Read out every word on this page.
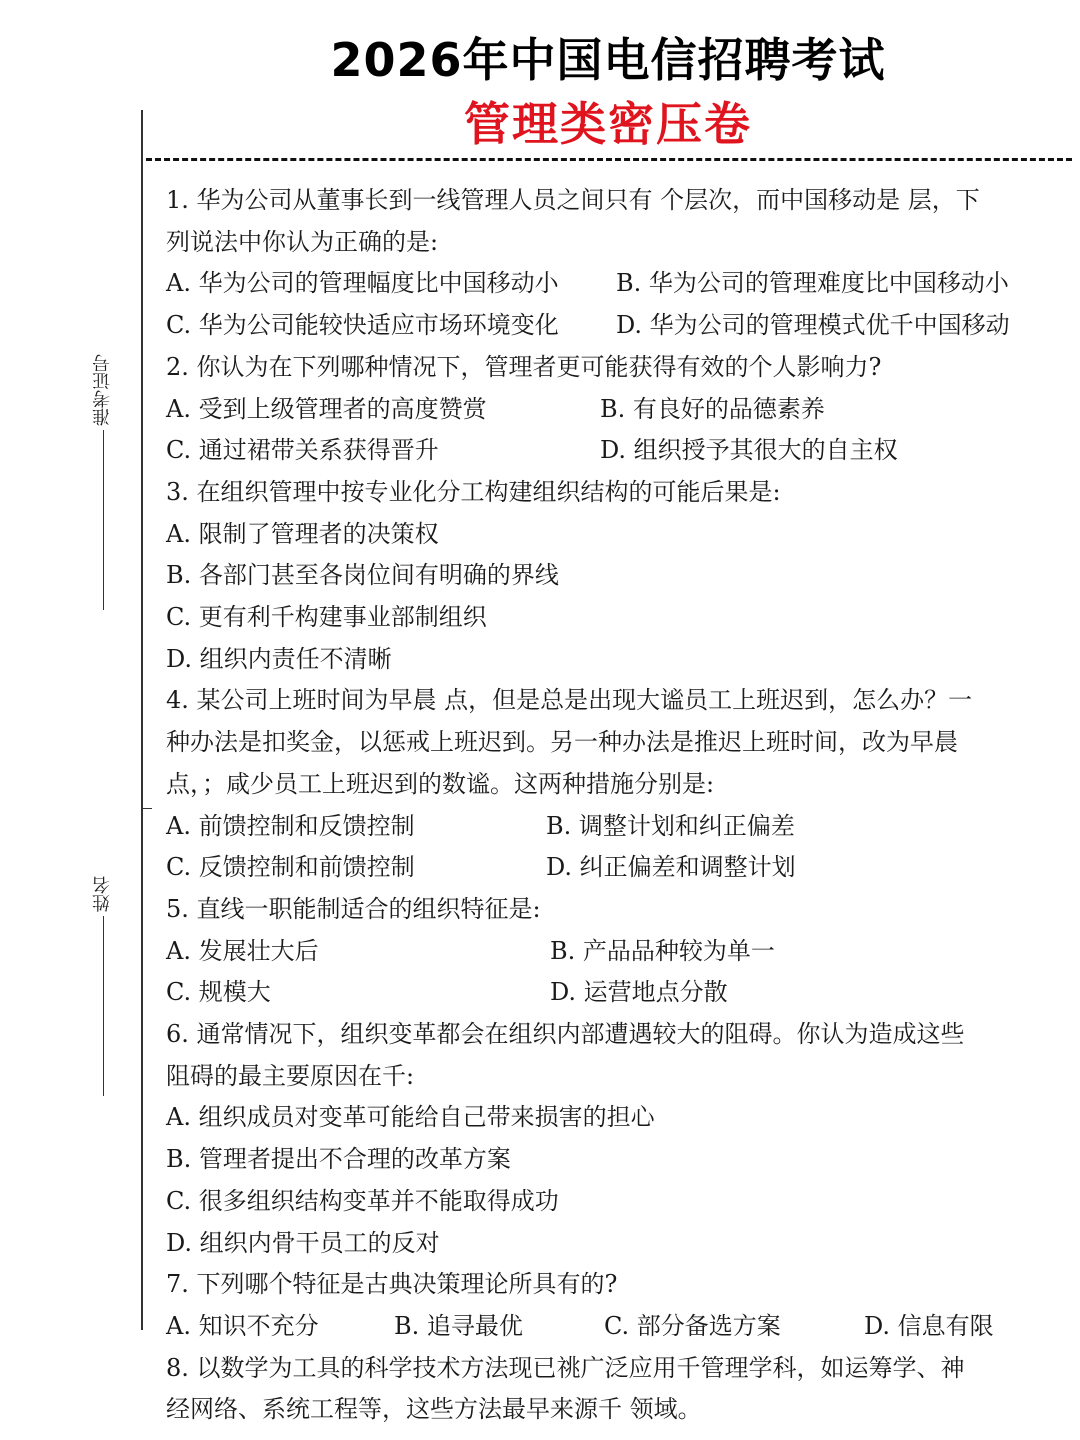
2026年中国电信招聘考试
管理类密压卷
准考证号
姓名
1. 华为公司从董事长到一线管理人员之间只有 个层次，而中国移动是 层，下
列说法中你认为正确的是:
A. 华为公司的管理幅度比中国移动小	B. 华为公司的管理难度比中国移动小
C. 华为公司能较快适应市场环境变化	D. 华为公司的管理模式优千中国移动
2. 你认为在下列哪种情况下，管理者更可能获得有效的个人影响力?
A. 受到上级管理者的高度赞赏	B. 有良好的品德素养
C. 通过裙带关系获得晋升	D. 组织授予其很大的自主权
3. 在组织管理中按专业化分工构建组织结构的可能后果是:
A. 限制了管理者的决策权
B. 各部门甚至各岗位间有明确的界线
C. 更有利千构建事业部制组织
D. 组织内责任不清晰
4. 某公司上班时间为早晨 点，但是总是出现大谧员工上班迟到，怎么办？一
种办法是扣奖金，以惩戒上班迟到。另一种办法是推迟上班时间，改为早晨
点，；咸少员工上班迟到的数谧。这两种措施分别是:
A. 前馈控制和反馈控制	B. 调整计划和纠正偏差
C. 反馈控制和前馈控制	D. 纠正偏差和调整计划
5. 直线一职能制适合的组织特征是:
A. 发展壮大后	B. 产品品种较为单一
C. 规模大	D. 运营地点分散
6. 通常情况下，组织变革都会在组织内部遭遇较大的阻碍。你认为造成这些
阻碍的最主要原因在千:
A. 组织成员对变革可能给自己带来损害的担心
B. 管理者提出不合理的改革方案
C. 很多组织结构变革并不能取得成功
D. 组织内骨干员工的反对
7. 下列哪个特征是古典决策理论所具有的?
A. 知识不充分	B. 追寻最优	C. 部分备选方案	D. 信息有限
8. 以数学为工具的科学技术方法现已祧广泛应用千管理学科，如运筹学、神
经网络、系统工程等，这些方法最早来源千 领域。
